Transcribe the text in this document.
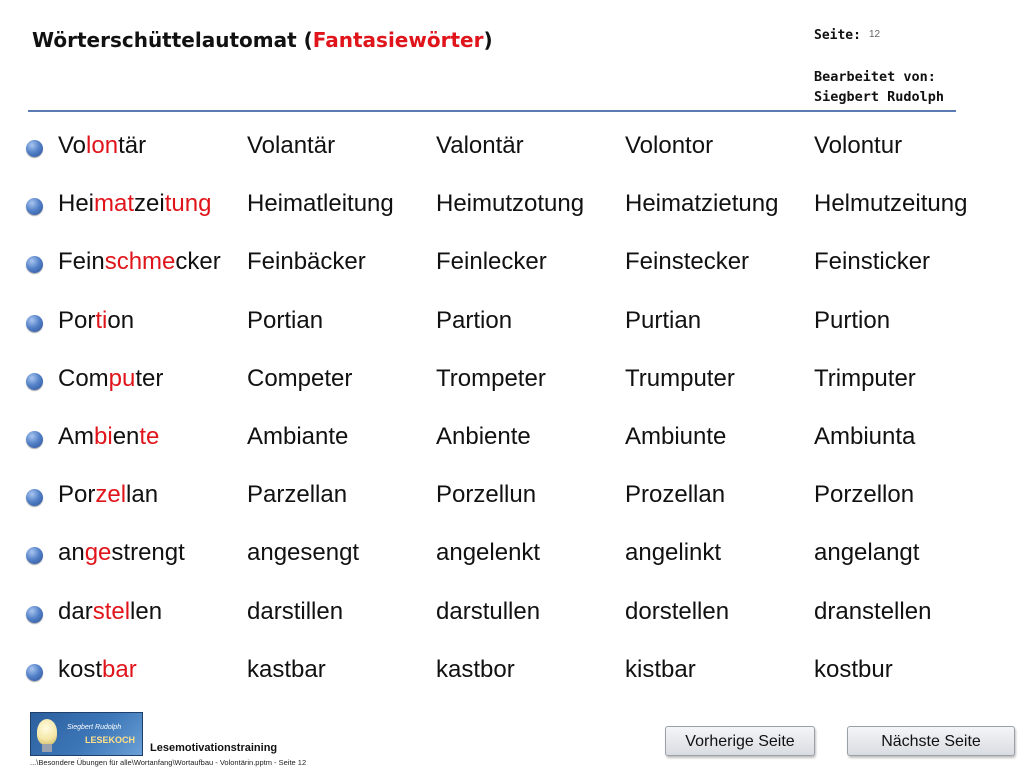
Wörterschüttelautomat (Fantasiewörter)	Seite: 12
Bearbeitet von:
Siegbert Rudolph
Volontär	Volantär	Valontär	Volontor	Volontur
Heimatzeitung Heimatleitung Heimutzotung Heimatzietung Helmutzeitung
Feinschmecker Feinbäcker	Feinlecker	Feinstecker	Feinsticker
Portion	Portian	Partion	Purtian	Purtion
Computer	Competer	Trompeter	Trumputer	Trimputer
Ambiente	Ambiante	Anbiente	Ambiunte	Ambiunta
Porzellan	Parzellan	Porzellun	Prozellan	Porzellon
angestrengt	angesengt	angelenkt	angelinkt	angelangt
darstellen	darstillen	darstullen	dorstellen	dranstellen
kostbar	kastbar	kastbor	kistbar	kostbur
Siegbert Rudolph
LESEKOCH
Lesemotivationstraining
...\Besondere Übungen für alle\Wortanfang\Wortaufbau - Volontärin.pptm - Seite 12
Vorherige Seite	Nächste Seite
